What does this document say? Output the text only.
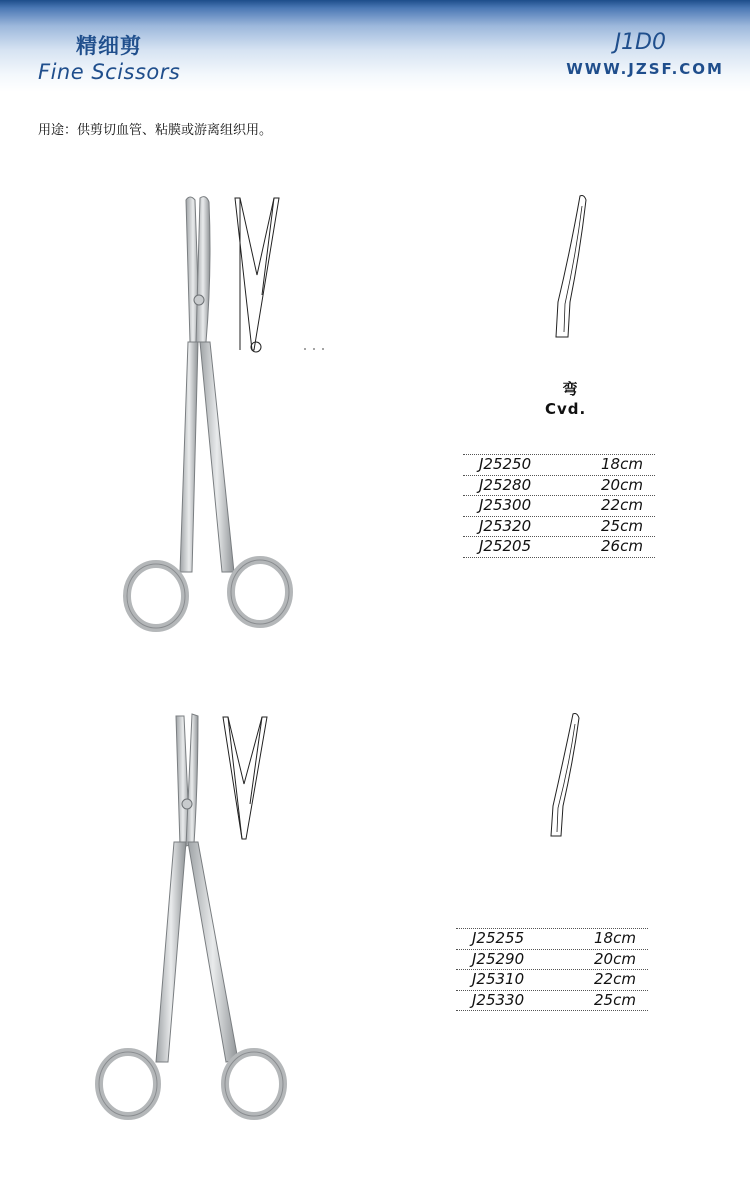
精细剪
Fine Scissors
J1D0
WWW.JZSF.COM
用途：供剪切血管、粘膜或游离组织用。
弯
Cvd.
J25250	18cm
J25280	20cm
J25300	22cm
J25320	25cm
J25205	26cm
J25255	18cm
J25290	20cm
J25310	22cm
J25330	25cm
